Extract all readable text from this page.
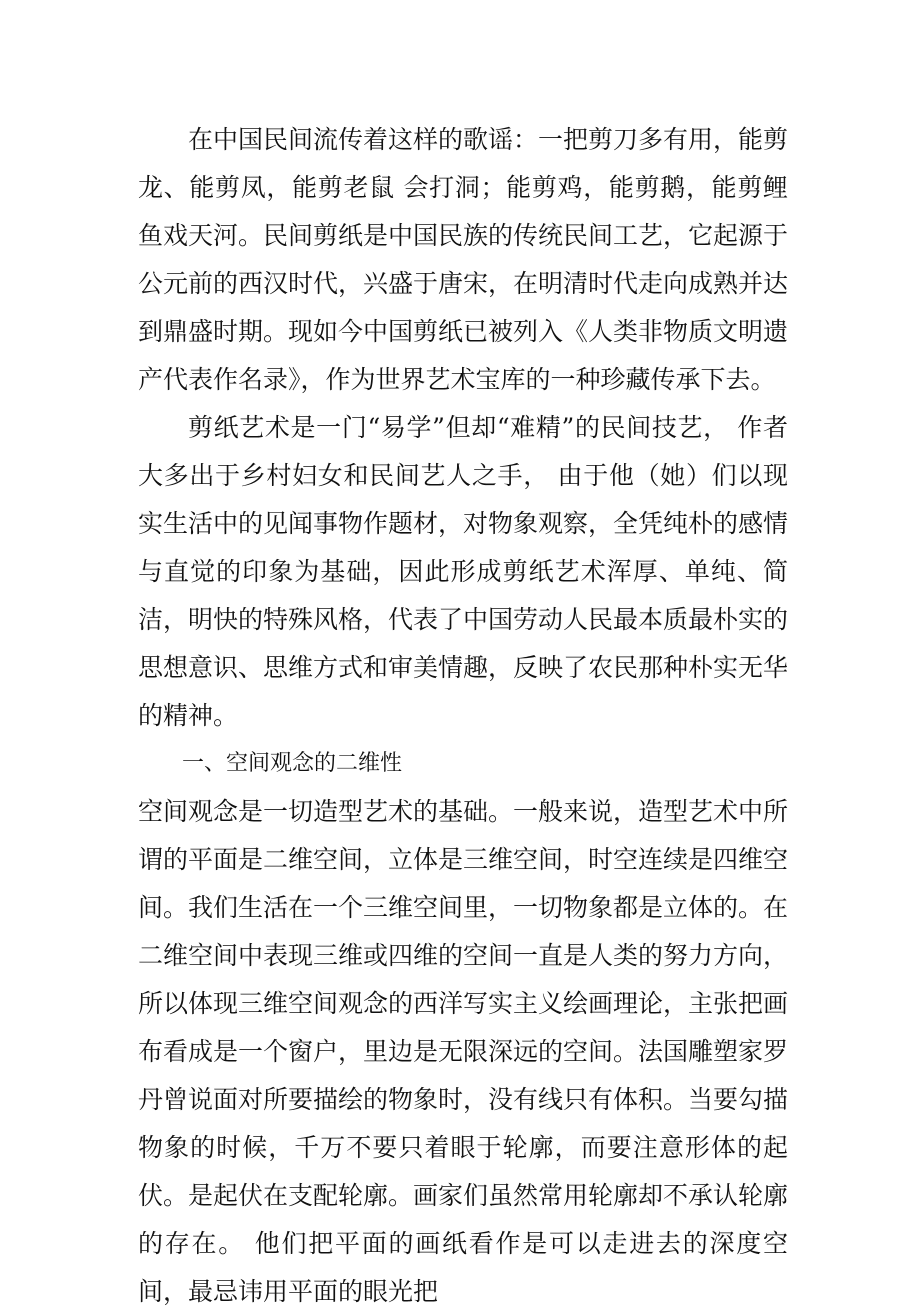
在中国民间流传着这样的歌谣：一把剪刀多有用，能剪龙、能剪凤，能剪老鼠 会打洞；能剪鸡，能剪鹅，能剪鲤鱼戏天河。民间剪纸是中国民族的传统民间工艺，它起源于公元前的西汉时代，兴盛于唐宋，在明清时代走向成熟并达到鼎盛时期。现如今中国剪纸已被列入《人类非物质文明遗产代表作名录》，作为世界艺术宝库的一种珍藏传承下去。

剪纸艺术是一门“易学”但却“难精”的民间技艺， 作者大多出于乡村妇女和民间艺人之手， 由于他（她）们以现实生活中的见闻事物作题材，对物象观察，全凭纯朴的感情与直觉的印象为基础，因此形成剪纸艺术浑厚、单纯、简洁，明快的特殊风格，代表了中国劳动人民最本质最朴实的思想意识、思维方式和审美情趣，反映了农民那种朴实无华的精神。

一、空间观念的二维性

空间观念是一切造型艺术的基础。一般来说，造型艺术中所谓的平面是二维空间，立体是三维空间，时空连续是四维空间。我们生活在一个三维空间里，一切物象都是立体的。在二维空间中表现三维或四维的空间一直是人类的努力方向，所以体现三维空间观念的西洋写实主义绘画理论，主张把画布看成是一个窗户，里边是无限深远的空间。法国雕塑家罗丹曾说面对所要描绘的物象时，没有线只有体积。当要勾描物象的时候，千万不要只着眼于轮廓，而要注意形体的起伏。是起伏在支配轮廓。画家们虽然常用轮廓却不承认轮廓的存在。 他们把平面的画纸看作是可以走进去的深度空间，最忌讳用平面的眼光把
